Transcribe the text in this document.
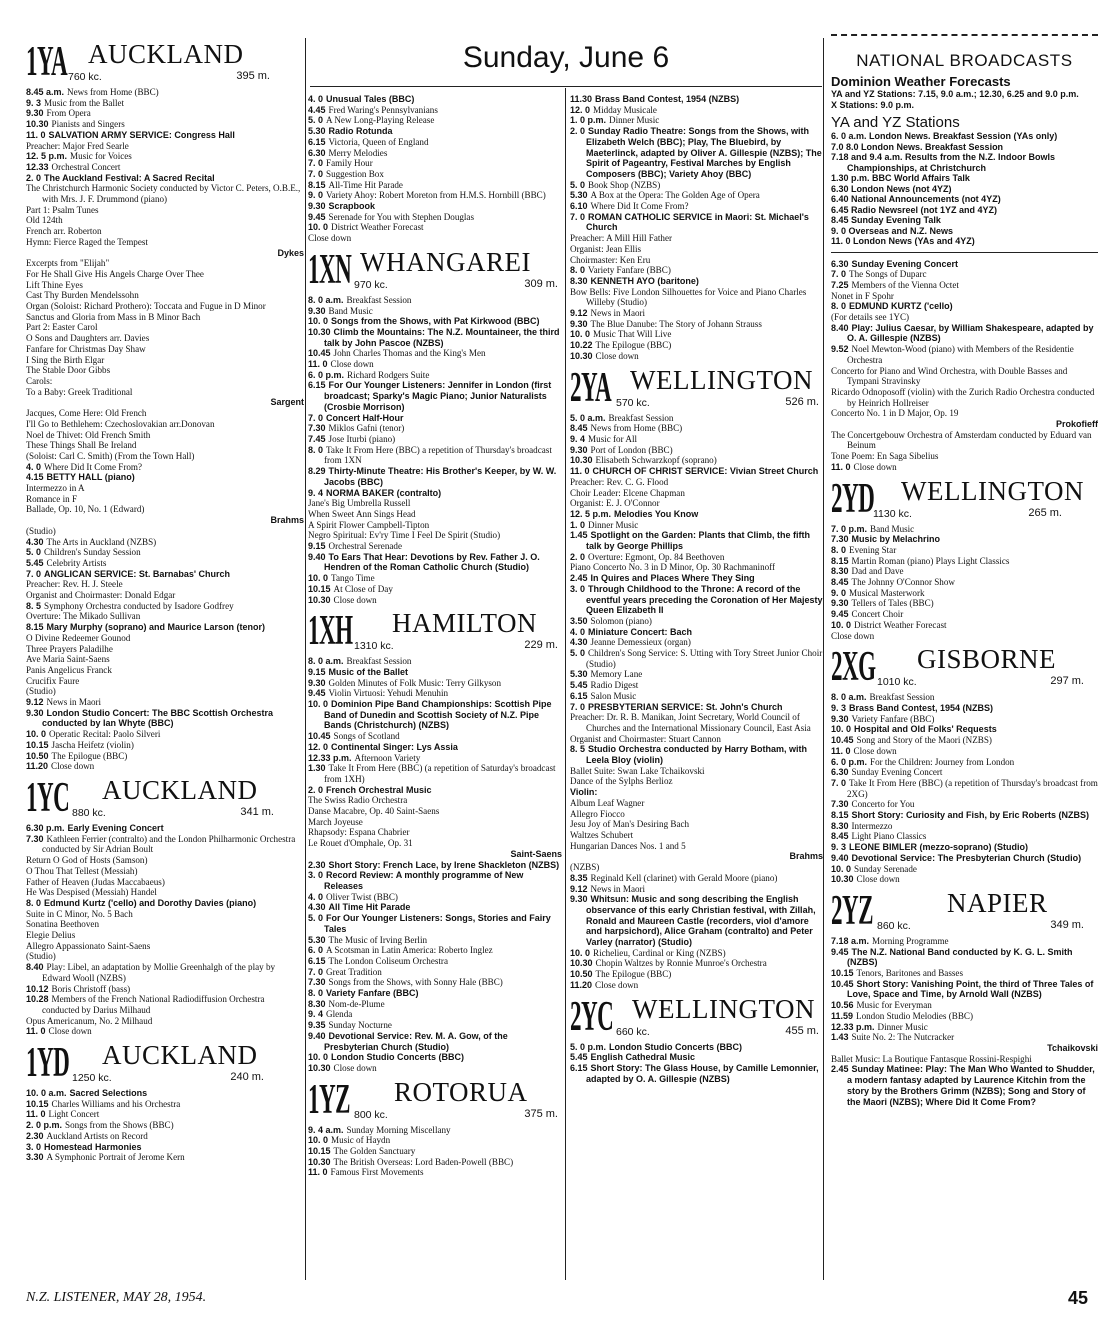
Sunday, June 6
1YA AUCKLAND
760 kc.	395 m.

8.45 a.m. News from Home (BBC)

9. 3 Music from the Ballet

9.30 From Opera

10.30 Pianists and Singers

11. 0 SALVATION ARMY SERVICE: Congress Hall

Preacher: Major Fred Searle

12. 5 p.m. Music for Voices

12.33 Orchestral Concert

2. 0 The Auckland Festival: A Sacred Recital

The Christchurch Harmonic Society conducted by Victor C. Peters, O.B.E., with Mrs. J. F. Drummond (piano)

Part 1: Psalm Tunes

Old 124th

French arr. Roberton

Hymn: Fierce Raged the Tempest

Dykes

Excerpts from "Elijah"

For He Shall Give His Angels Charge Over Thee

Lift Thine Eyes

Cast Thy Burden Mendelssohn

Organ (Soloist: Richard Prothero): Toccata and Fugue in D Minor

Sanctus and Gloria from Mass in B Minor Bach

Part 2: Easter Carol

O Sons and Daughters arr. Davies

Fanfare for Christmas Day Shaw

I Sing the Birth Elgar

The Stable Door Gibbs

Carols:

To a Baby: Greek Traditional

Sargent

Jacques, Come Here: Old French

I'll Go to Bethlehem: Czechoslovakian arr.Donovan

Noel de Thivet: Old French Smith

These Things Shall Be Ireland

(Soloist: Carl C. Smith) (From the Town Hall)

4. 0 Where Did It Come From?

4.15 BETTY HALL (piano)

Intermezzo in A

Romance in F

Ballade, Op. 10, No. 1 (Edward)

Brahms

(Studio)

4.30 The Arts in Auckland (NZBS)

5. 0 Children's Sunday Session

5.45 Celebrity Artists

7. 0 ANGLICAN SERVICE: St. Barnabas' Church

Preacher: Rev. H. J. Steele

Organist and Choirmaster: Donald Edgar

8. 5 Symphony Orchestra conducted by Isadore Godfrey

Overture: The Mikado Sullivan

8.15 Mary Murphy (soprano) and Maurice Larson (tenor)

O Divine Redeemer Gounod

Three Prayers Paladilhe

Ave Maria Saint-Saens

Panis Angelicus Franck

Crucifix Faure

(Studio)

9.12 News in Maori

9.30 London Studio Concert: The BBC Scottish Orchestra conducted by Ian Whyte (BBC)

10. 0 Operatic Recital: Paolo Silveri

10.15 Jascha Heifetz (violin)

10.50 The Epilogue (BBC)

11.20 Close down

1YC AUCKLAND
880 kc.	341 m.

6.30 p.m. Early Evening Concert

7.30 Kathleen Ferrier (contralto) and the London Philharmonic Orchestra conducted by Sir Adrian Boult

Return O God of Hosts (Samson)

O Thou That Tellest (Messiah)

Father of Heaven (Judas Maccabaeus)

He Was Despised (Messiah) Handel

8. 0 Edmund Kurtz ('cello) and Dorothy Davies (piano)

Suite in C Minor, No. 5 Bach

Sonatina Beethoven

Elegie Delius

Allegro Appassionato Saint-Saens

(Studio)

8.40 Play: Libel, an adaptation by Mollie Greenhalgh of the play by Edward Wooll (NZBS)

10.12 Boris Christoff (bass)

10.28 Members of the French National Radiodiffusion Orchestra conducted by Darius Milhaud

Opus Americanum, No. 2 Milhaud

11. 0 Close down

1YD AUCKLAND
1250 kc.	240 m.

10. 0 a.m. Sacred Selections

10.15 Charles Williams and his Orchestra

11. 0 Light Concert

2. 0 p.m. Songs from the Shows (BBC)

2.30 Auckland Artists on Record

3. 0 Homestead Harmonies

3.30 A Symphonic Portrait of Jerome Kern

4. 0 Unusual Tales (BBC)

4.45 Fred Waring's Pennsylvanians

5. 0 A New Long-Playing Release

5.30 Radio Rotunda

6.15 Victoria, Queen of England

6.30 Merry Melodies

7. 0 Family Hour

7. 0 Suggestion Box

8.15 All-Time Hit Parade

9. 0 Variety Ahoy: Robert Moreton from H.M.S. Hornbill (BBC)

9.30 Scrapbook

9.45 Serenade for You with Stephen Douglas

10. 0 District Weather Forecast

Close down

1XN WHANGAREI
970 kc.	309 m.

8. 0 a.m. Breakfast Session

9.30 Band Music

10. 0 Songs from the Shows, with Pat Kirkwood (BBC)

10.30 Climb the Mountains: The N.Z. Mountaineer, the third talk by John Pascoe (NZBS)

10.45 John Charles Thomas and the King's Men

11. 0 Close down

6. 0 p.m. Richard Rodgers Suite

6.15 For Our Younger Listeners: Jennifer in London (first broadcast; Sparky's Magic Piano; Junior Naturalists (Crosbie Morrison)

7. 0 Concert Half-Hour

7.30 Miklos Gafni (tenor)

7.45 Jose Iturbi (piano)

8. 0 Take It From Here (BBC) a repetition of Thursday's broadcast from 1XN

8.29 Thirty-Minute Theatre: His Brother's Keeper, by W. W. Jacobs (BBC)

9. 4 NORMA BAKER (contralto)

Jane's Big Umbrella Russell

When Sweet Ann Sings Head

A Spirit Flower Campbell-Tipton

Negro Spiritual: Ev'ry Time I Feel De Spirit (Studio)

9.15 Orchestral Serenade

9.40 To Ears That Hear: Devotions by Rev. Father J. O. Hendren of the Roman Catholic Church (Studio)

10. 0 Tango Time

10.15 At Close of Day

10.30 Close down

1XH HAMILTON
1310 kc.	229 m.

8. 0 a.m. Breakfast Session

9.15 Music of the Ballet

9.30 Golden Minutes of Folk Music: Terry Gilkyson

9.45 Violin Virtuosi: Yehudi Menuhin

10. 0 Dominion Pipe Band Championships: Scottish Pipe Band of Dunedin and Scottish Society of N.Z. Pipe Bands (Christchurch) (NZBS)

10.45 Songs of Scotland

12. 0 Continental Singer: Lys Assia

12.33 p.m. Afternoon Variety

1.30 Take It From Here (BBC) (a repetition of Saturday's broadcast from 1XH)

2. 0 French Orchestral Music

The Swiss Radio Orchestra

Danse Macabre, Op. 40 Saint-Saens

March Joyeuse

Rhapsody: Espana Chabrier

Le Rouet d'Omphale, Op. 31

Saint-Saens

2.30 Short Story: French Lace, by Irene Shackleton (NZBS)

3. 0 Record Review: A monthly programme of New Releases

4. 0 Oliver Twist (BBC)

4.30 All Time Hit Parade

5. 0 For Our Younger Listeners: Songs, Stories and Fairy Tales

5.30 The Music of Irving Berlin

6. 0 A Scotsman in Latin America: Roberto Inglez

6.15 The London Coliseum Orchestra

7. 0 Great Tradition

7.30 Songs from the Shows, with Sonny Hale (BBC)

8. 0 Variety Fanfare (BBC)

8.30 Nom-de-Plume

9. 4 Glenda

9.35 Sunday Nocturne

9.40 Devotional Service: Rev. M. A. Gow, of the Presbyterian Church (Studio)

10. 0 London Studio Concerts (BBC)

10.30 Close down

1YZ ROTORUA
800 kc.	375 m.

9. 4 a.m. Sunday Morning Miscellany

10. 0 Music of Haydn

10.15 The Golden Sanctuary

10.30 The British Overseas: Lord Baden-Powell (BBC)

11. 0 Famous First Movements

11.30 Brass Band Contest, 1954 (NZBS)

12. 0 Midday Musicale

1. 0 p.m. Dinner Music

2. 0 Sunday Radio Theatre: Songs from the Shows, with Elizabeth Welch (BBC); Play, The Bluebird, by Maeterlinck, adapted by Oliver A. Gillespie (NZBS); The Spirit of Pageantry, Festival Marches by English Composers (BBC); Variety Ahoy (BBC)

5. 0 Book Shop (NZBS)

5.30 A Box at the Opera: The Golden Age of Opera

6.10 Where Did It Come From?

7. 0 ROMAN CATHOLIC SERVICE in Maori: St. Michael's Church

Preacher: A Mill Hill Father

Organist: Jean Ellis

Choirmaster: Ken Eru

8. 0 Variety Fanfare (BBC)

8.30 KENNETH AYO (baritone)

Bow Bells: Five London Silhouettes for Voice and Piano Charles Willeby (Studio)

9.12 News in Maori

9.30 The Blue Danube: The Story of Johann Strauss

10. 0 Music That Will Live

10.22 The Epilogue (BBC)

10.30 Close down

2YA WELLINGTON
570 kc.	526 m.

5. 0 a.m. Breakfast Session

8.45 News from Home (BBC)

9. 4 Music for All

9.30 Port of London (BBC)

10.30 Elisabeth Schwarzkopf (soprano)

11. 0 CHURCH OF CHRIST SERVICE: Vivian Street Church

Preacher: Rev. C. G. Flood

Choir Leader: Elcene Chapman

Organist: E. J. O'Connor

12. 5 p.m. Melodies You Know

1. 0 Dinner Music

1.45 Spotlight on the Garden: Plants that Climb, the fifth talk by George Phillips

2. 0 Overture: Egmont, Op. 84 Beethoven

Piano Concerto No. 3 in D Minor, Op. 30 Rachmaninoff

2.45 In Quires and Places Where They Sing

3. 0 Through Childhood to the Throne: A record of the eventful years preceding the Coronation of Her Majesty Queen Elizabeth II

3.50 Solomon (piano)

4. 0 Miniature Concert: Bach

4.30 Jeanne Demessieux (organ)

5. 0 Children's Song Service: S. Utting with Tory Street Junior Choir (Studio)

5.30 Memory Lane

5.45 Radio Digest

6.15 Salon Music

7. 0 PRESBYTERIAN SERVICE: St. John's Church

Preacher: Dr. R. B. Manikan, Joint Secretary, World Council of Churches and the International Missionary Council, East Asia

Organist and Choirmaster: Stuart Cannon

8. 5 Studio Orchestra conducted by Harry Botham, with Leela Bloy (violin)

Ballet Suite: Swan Lake Tchaikovski

Dance of the Sylphs Berlioz

Violin:

Album Leaf Wagner

Allegro Fiocco

Jesu Joy of Man's Desiring Bach

Waltzes Schubert

Hungarian Dances Nos. 1 and 5

Brahms

(NZBS)

8.35 Reginald Kell (clarinet) with Gerald Moore (piano)

9.12 News in Maori

9.30 Whitsun: Music and song describing the English observance of this early Christian festival, with Zillah, Ronald and Maureen Castle (recorders, viol d'amore and harpsichord), Alice Graham (contralto) and Peter Varley (narrator) (Studio)

10. 0 Richelieu, Cardinal or King (NZBS)

10.30 Chopin Waltzes by Ronnie Munroe's Orchestra

10.50 The Epilogue (BBC)

11.20 Close down

2YC WELLINGTON
660 kc.	455 m.

5. 0 p.m. London Studio Concerts (BBC)

5.45 English Cathedral Music

6.15 Short Story: The Glass House, by Camille Lemonnier, adapted by O. A. Gillespie (NZBS)

NATIONAL BROADCASTS
Dominion Weather Forecasts

YA and YZ Stations: 7.15, 9.0 a.m.; 12.30, 6.25 and 9.0 p.m.

X Stations: 9.0 p.m.

YA and YZ Stations

6. 0 a.m. London News. Breakfast Session (YAs only)

7.0 8.0 London News. Breakfast Session

7.18 and 9.4 a.m. Results from the N.Z. Indoor Bowls Championships, at Christchurch

1.30 p.m. BBC World Affairs Talk

6.30 London News (not 4YZ)

6.40 National Announcements (not 4YZ)

6.45 Radio Newsreel (not 1YZ and 4YZ)

8.45 Sunday Evening Talk

9. 0 Overseas and N.Z. News

11. 0 London News (YAs and 4YZ)

6.30 Sunday Evening Concert

7. 0 The Songs of Duparc

7.25 Members of the Vienna Octet

Nonet in F Spohr

8. 0 EDMUND KURTZ ('cello)

(For details see 1YC)

8.40 Play: Julius Caesar, by William Shakespeare, adapted by O. A. Gillespie (NZBS)

9.52 Noel Mewton-Wood (piano) with Members of the Residentie Orchestra

Concerto for Piano and Wind Orchestra, with Double Basses and Tympani Stravinsky

Ricardo Odnoposoff (violin) with the Zurich Radio Orchestra conducted by Heinrich Hollreiser

Concerto No. 1 in D Major, Op. 19

Prokofieff

The Concertgebouw Orchestra of Amsterdam conducted by Eduard van Beinum

Tone Poem: En Saga Sibelius

11. 0 Close down

2YD WELLINGTON
1130 kc.	265 m.

7. 0 p.m. Band Music

7.30 Music by Melachrino

8. 0 Evening Star

8.15 Martin Roman (piano) Plays Light Classics

8.30 Dad and Dave

8.45 The Johnny O'Connor Show

9. 0 Musical Masterwork

9.30 Tellers of Tales (BBC)

9.45 Concert Choir

10. 0 District Weather Forecast

Close down

2XG GISBORNE
1010 kc.	297 m.

8. 0 a.m. Breakfast Session

9. 3 Brass Band Contest, 1954 (NZBS)

9.30 Variety Fanfare (BBC)

10. 0 Hospital and Old Folks' Requests

10.45 Song and Story of the Maori (NZBS)

11. 0 Close down

6. 0 p.m. For the Children: Journey from London

6.30 Sunday Evening Concert

7. 0 Take It From Here (BBC) (a repetition of Thursday's broadcast from 2XG)

7.30 Concerto for You

8.15 Short Story: Curiosity and Fish, by Eric Roberts (NZBS)

8.30 Intermezzo

8.45 Light Piano Classics

9. 3 LEONE BIMLER (mezzo-soprano) (Studio)

9.40 Devotional Service: The Presbyterian Church (Studio)

10. 0 Sunday Serenade

10.30 Close down

2YZ	NAPIER
860 kc.	349 m.

7.18 a.m. Morning Programme

9.45 The N.Z. National Band conducted by K. G. L. Smith (NZBS)

10.15 Tenors, Baritones and Basses

10.45 Short Story: Vanishing Point, the third of Three Tales of Love, Space and Time, by Arnold Wall (NZBS)

10.56 Music for Everyman

11.59 London Studio Melodies (BBC)

12.33 p.m. Dinner Music

1.43 Suite No. 2: The Nutcracker

Tchaikovski

Ballet Music: La Boutique Fantasque Rossini-Respighi

2.45 Sunday Matinee: Play: The Man Who Wanted to Shudder, a modern fantasy adapted by Laurence Kitchin from the story by the Brothers Grimm (NZBS); Song and Story of the Maori (NZBS); Where Did It Come From?

N.Z. LISTENER, MAY 28, 1954.	45
